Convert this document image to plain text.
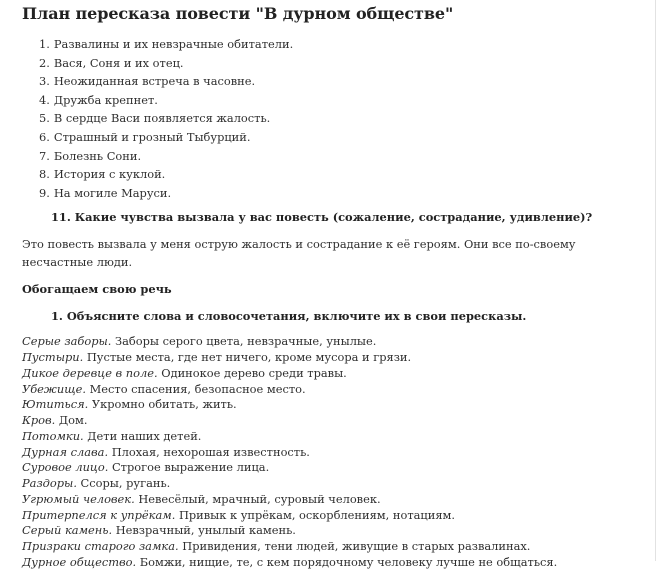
План пересказа повести "В дурном обществе"
1. Развалины и их невзрачные обитатели.
2. Вася, Соня и их отец.
3. Неожиданная встреча в часовне.
4. Дружба крепнет.
5. В сердце Васи появляется жалость.
6. Страшный и грозный Тыбурций.
7. Болезнь Сони.
8. История с куклой.
9. На могиле Маруси.
11. Какие чувства вызвала у вас повесть (сожаление, сострадание, удивление)?

Это повесть вызвала у меня острую жалость и сострадание к её героям. Они все по-своему несчастные люди.

Обогащаем свою речь
1. Объясните слова и словосочетания, включите их в свои пересказы.
Серые заборы. Заборы серого цвета, невзрачные, унылые.
Пустыри. Пустые места, где нет ничего, кроме мусора и грязи.
Дикое деревце в поле. Одинокое дерево среди травы.
Убежище. Место спасения, безопасное место.
Ютиться. Укромно обитать, жить.
Кров. Дом.
Потомки. Дети наших детей.
Дурная слава. Плохая, нехорошая известность.
Суровое лицо. Строгое выражение лица.
Раздоры. Ссоры, ругань.
Угрюмый человек. Невесёлый, мрачный, суровый человек.
Притерпелся к упрёкам. Привык к упрёкам, оскорблениям, нотациям.
Серый камень. Невзрачный, унылый камень.
Призраки старого замка. Привидения, тени людей, живущие в старых развалинах.
Дурное общество. Бомжи, нищие, те, с кем порядочному человеку лучше не общаться.
